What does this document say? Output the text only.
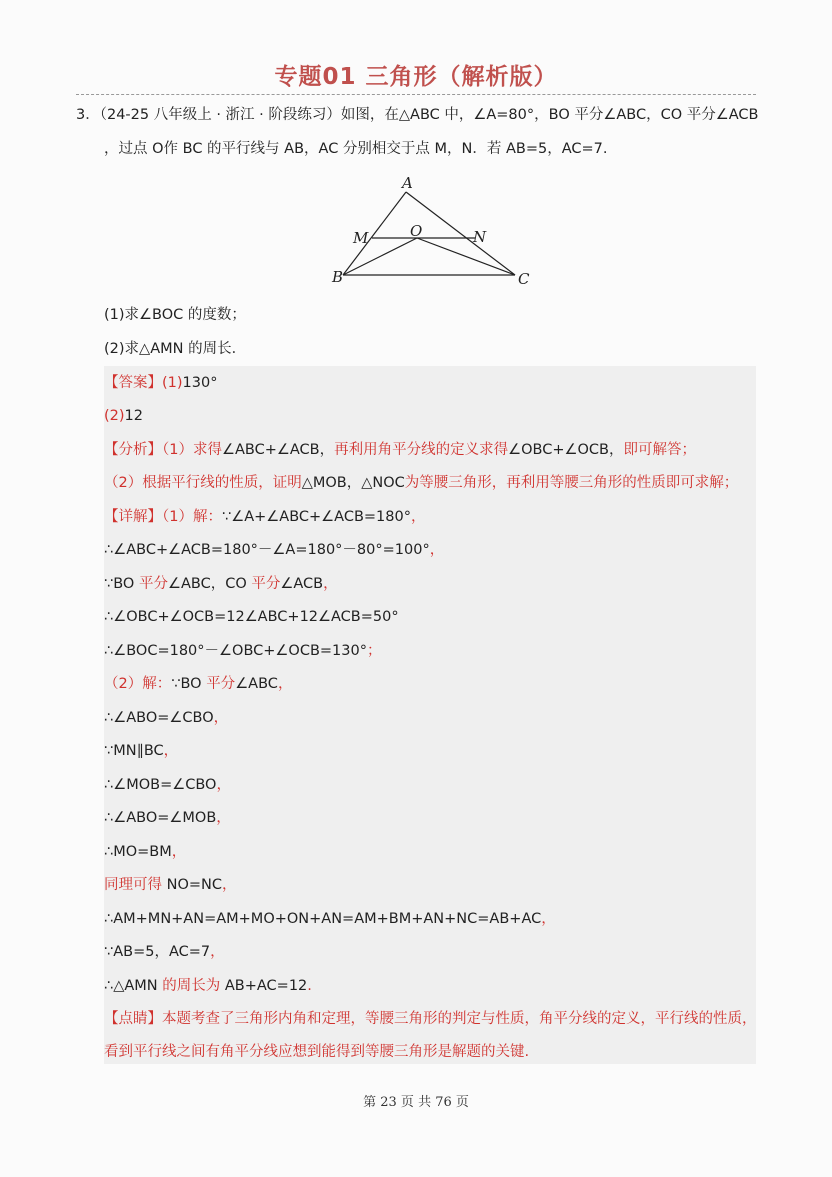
专题01 三角形（解析版）
3．（24-25 八年级上 · 浙江 · 阶段练习）如图，在△ABC 中，∠A=80°，BO 平分∠ABC，CO 平分∠ACB
，过点 O作 BC 的平行线与 AB，AC 分别相交于点 M，N．若 AB=5，AC=7.
A
M	O	N
B	C
(1)求∠BOC 的度数；
(2)求△AMN 的周长．
【答案】(1)130°
(2)12
【分析】（1）求得∠ABC+∠ACB，再利用角平分线的定义求得∠OBC+∠OCB，即可解答；
（2）根据平行线的性质，证明△MOB，△NOC为等腰三角形，再利用等腰三角形的性质即可求解；
【详解】（1）解：∵∠A+∠ABC+∠ACB=180°，
∴∠ABC+∠ACB=180°－∠A=180°－80°=100°，
∵BO 平分∠ABC，CO 平分∠ACB，
∴∠OBC+∠OCB=12∠ABC+12∠ACB=50°
∴∠BOC=180°－∠OBC+∠OCB=130°；
（2）解：∵BO 平分∠ABC，
∴∠ABO=∠CBO，
∵MN∥BC，
∴∠MOB=∠CBO，
∴∠ABO=∠MOB，
∴MO=BM，
同理可得 NO=NC，
∴AM+MN+AN=AM+MO+ON+AN=AM+BM+AN+NC=AB+AC，
∵AB=5，AC=7，
∴△AMN 的周长为 AB+AC=12.
【点睛】本题考查了三角形内角和定理，等腰三角形的判定与性质，角平分线的定义，平行线的性质，
看到平行线之间有角平分线应想到能得到等腰三角形是解题的关键.
第 23 页 共 76 页
